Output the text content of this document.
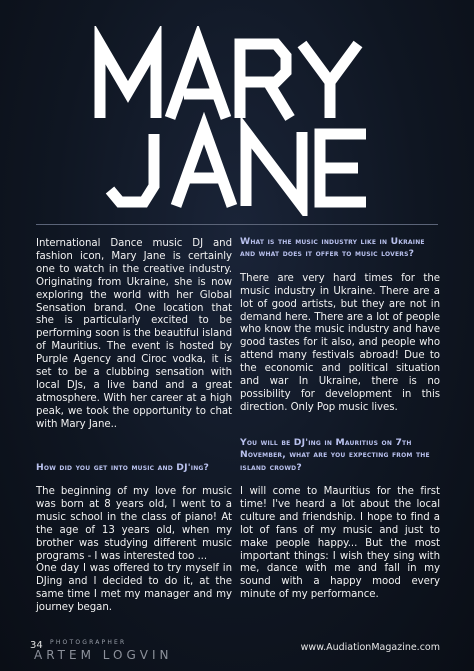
International Dance music DJ and fashion icon, Mary Jane is certainly one to watch in the creative industry. Originating from Ukraine, she is now exploring the world with her Global Sensation brand. One location that she is particularly excited to be performing soon is the beautiful island of Mauritius. The event is hosted by Purple Agency and Ciroc vodka, it is set to be a clubbing sensation with local DJs, a live band and a great atmosphere. With her career at a high peak, we took the opportunity to chat with Mary Jane..

How did you get into music and DJ'ing?

The beginning of my love for music was born at 8 years old, I went to a music school in the class of piano! At the age of 13 years old, when my brother was studying different music programs - I was interested too ...

One day I was offered to try myself in DJing and I decided to do it, at the same time I met my manager and my journey began.

What is the music industry like in Ukraine and what does it offer to music lovers?

There are very hard times for the music industry in Ukraine. There are a lot of good artists, but they are not in demand here. There are a lot of people who know the music industry and have good tastes for it also, and people who attend many festivals abroad! Due to the economic and political situation and war In Ukraine, there is no possibility for development in this direction. Only Pop music lives.

You will be DJ'ing in Mauritius on 7th November, what are you expecting from the island crowd?

I will come to Mauritius for the first time! I've heard a lot about the local culture and friendship. I hope to find a lot of fans of my music and just to make people happy... But the most important things: I wish they sing with me, dance with me and fall in my sound with a happy mood every minute of my performance.

34 PHOTOGRAPHER
ARTEM LOGVIN
www.AudiationMagazine.com
